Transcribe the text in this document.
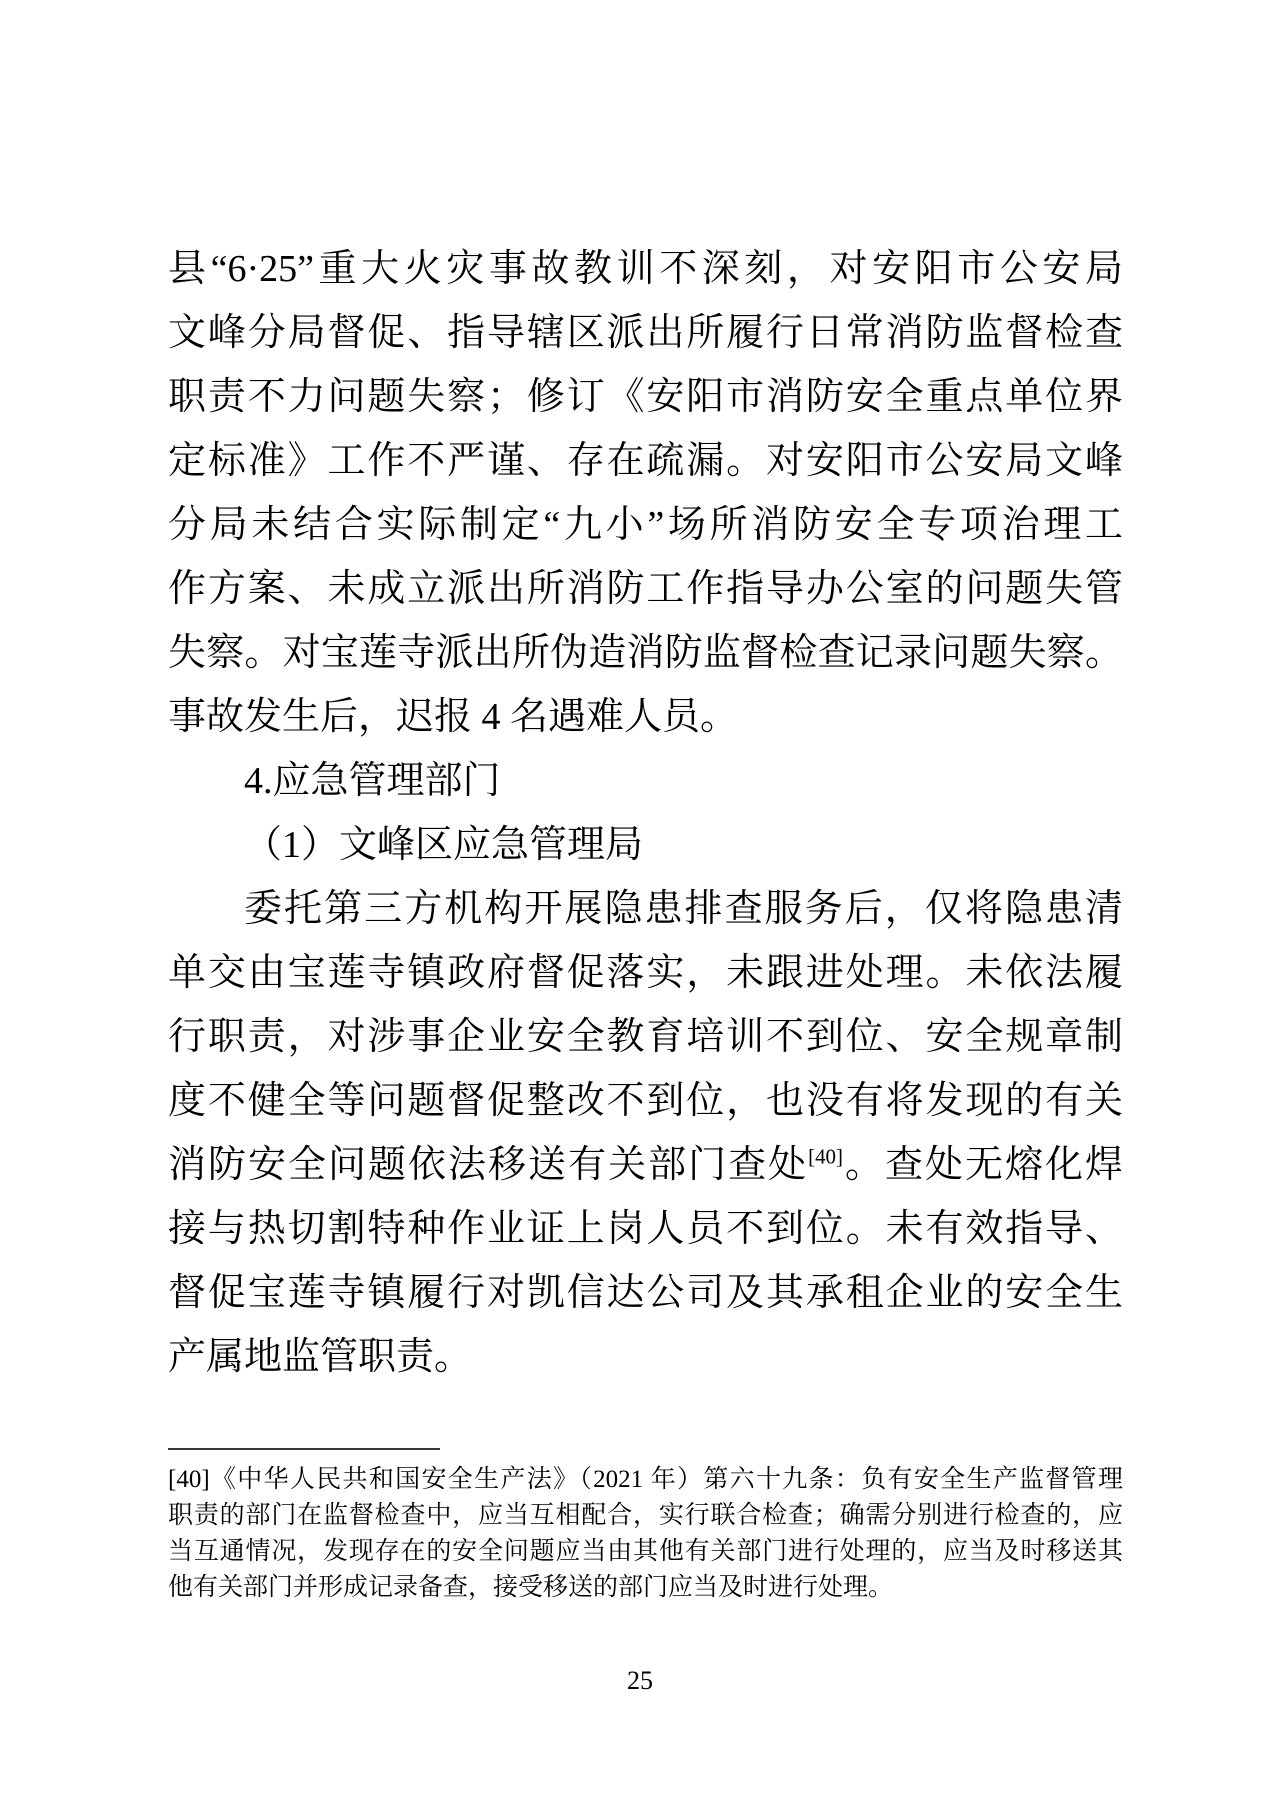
县“6·25”重大火灾事故教训不深刻，对安阳市公安局

文峰分局督促、指导辖区派出所履行日常消防监督检查

职责不力问题失察；修订《安阳市消防安全重点单位界

定标准》工作不严谨、存在疏漏。对安阳市公安局文峰

分局未结合实际制定“九小”场所消防安全专项治理工

作方案、未成立派出所消防工作指导办公室的问题失管

失察。对宝莲寺派出所伪造消防监督检查记录问题失察。

事故发生后，迟报 4 名遇难人员。

4.应急管理部门

（1）文峰区应急管理局

委托第三方机构开展隐患排查服务后，仅将隐患清

单交由宝莲寺镇政府督促落实，未跟进处理。未依法履

行职责，对涉事企业安全教育培训不到位、安全规章制

度不健全等问题督促整改不到位，也没有将发现的有关

消防安全问题依法移送有关部门查处[40]。查处无熔化焊

接与热切割特种作业证上岗人员不到位。未有效指导、

督促宝莲寺镇履行对凯信达公司及其承租企业的安全生

产属地监管职责。

[40]《中华人民共和国安全生产法》（2021 年）第六十九条：负有安全生产监督管理

职责的部门在监督检查中，应当互相配合，实行联合检查；确需分别进行检查的，应

当互通情况，发现存在的安全问题应当由其他有关部门进行处理的，应当及时移送其

他有关部门并形成记录备查，接受移送的部门应当及时进行处理。

25
